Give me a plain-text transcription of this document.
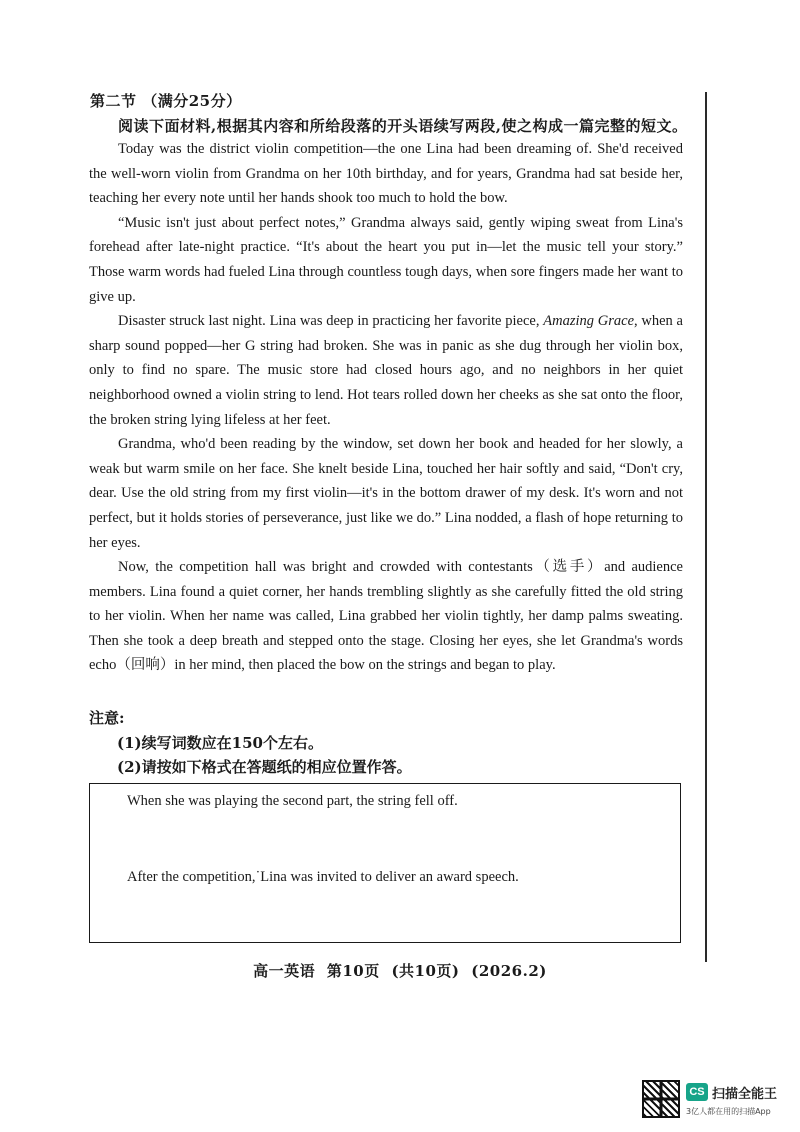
第二节 （满分25分）
阅读下面材料,根据其内容和所给段落的开头语续写两段,使之构成一篇完整的短文。

Today was the district violin competition—the one Lina had been dreaming of. She'd received the well-worn violin from Grandma on her 10th birthday, and for years, Grandma had sat beside her, teaching her every note until her hands shook too much to hold the bow.

“Music isn't just about perfect notes,” Grandma always said, gently wiping sweat from Lina's forehead after late-night practice. “It's about the heart you put in—let the music tell your story.” Those warm words had fueled Lina through countless tough days, when sore fingers made her want to give up.

Disaster struck last night. Lina was deep in practicing her favorite piece, Amazing Grace, when a sharp sound popped—her G string had broken. She was in panic as she dug through her violin box, only to find no spare. The music store had closed hours ago, and no neighbors in her quiet neighborhood owned a violin string to lend. Hot tears rolled down her cheeks as she sat onto the floor, the broken string lying lifeless at her feet.

Grandma, who'd been reading by the window, set down her book and headed for her slowly, a weak but warm smile on her face. She knelt beside Lina, touched her hair softly and said, “Don't cry, dear. Use the old string from my first violin—it's in the bottom drawer of my desk. It's worn and not perfect, but it holds stories of perseverance, just like we do.” Lina nodded, a flash of hope returning to her eyes.

Now, the competition hall was bright and crowded with contestants（选手）and audience members. Lina found a quiet corner, her hands trembling slightly as she carefully fitted the old string to her violin. When her name was called, Lina grabbed her violin tightly, her damp palms sweating. Then she took a deep breath and stepped onto the stage. Closing her eyes, she let Grandma's words echo（回响）in her mind, then placed the bow on the strings and began to play.

注意:
(1)续写词数应在150个左右。
(2)请按如下格式在答题纸的相应位置作答。
When she was playing the second part, the string fell off.
After the competition,˙Lina was invited to deliver an award speech.
高一英语 第10页 (共10页) (2026.2)
CS 扫描全能王
3亿人都在用的扫描App
